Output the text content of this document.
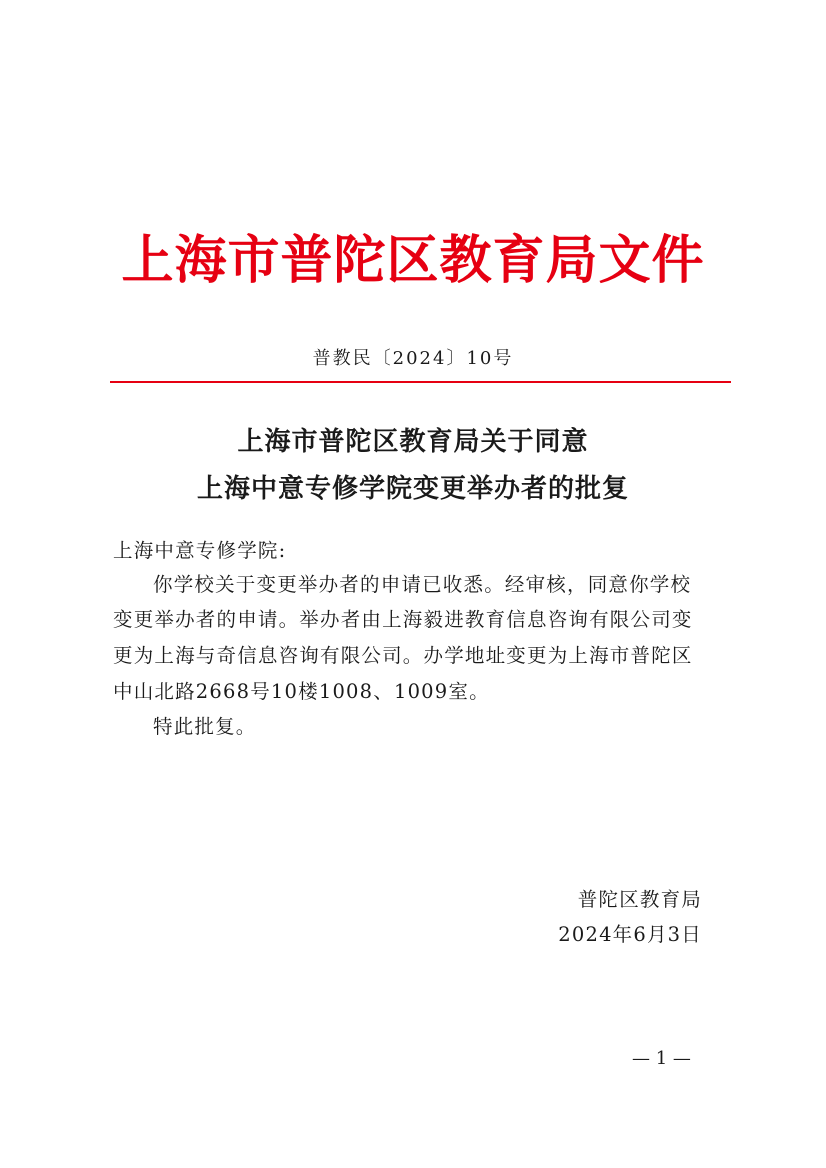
上海市普陀区教育局文件
普教民〔2024〕10号
上海市普陀区教育局关于同意
上海中意专修学院变更举办者的批复
上海中意专修学院:
你学校关于变更举办者的申请已收悉。经审核，同意你学校
变更举办者的申请。举办者由上海毅进教育信息咨询有限公司变
更为上海与奇信息咨询有限公司。办学地址变更为上海市普陀区
中山北路2668号10楼1008、1009室。
特此批复。
普陀区教育局
2024年6月3日
— 1 —
